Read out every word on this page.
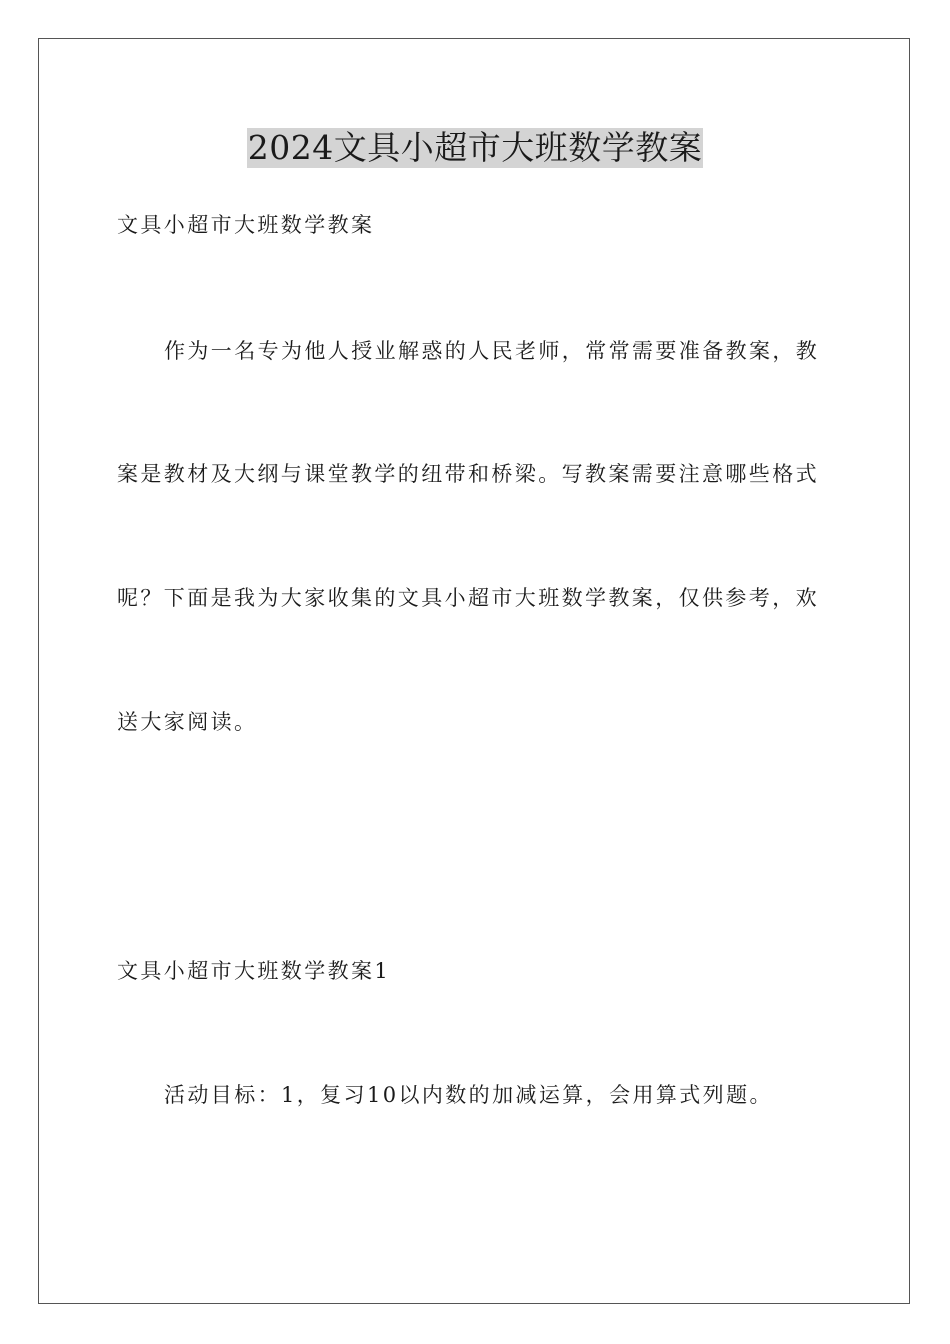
2024文具小超市大班数学教案
文具小超市大班数学教案
作为一名专为他人授业解惑的人民老师，常常需要准备教案，教
案是教材及大纲与课堂教学的纽带和桥梁。写教案需要注意哪些格式
呢？下面是我为大家收集的文具小超市大班数学教案，仅供参考，欢
送大家阅读。
文具小超市大班数学教案1
活动目标：1，复习10以内数的加减运算，会用算式列题。
